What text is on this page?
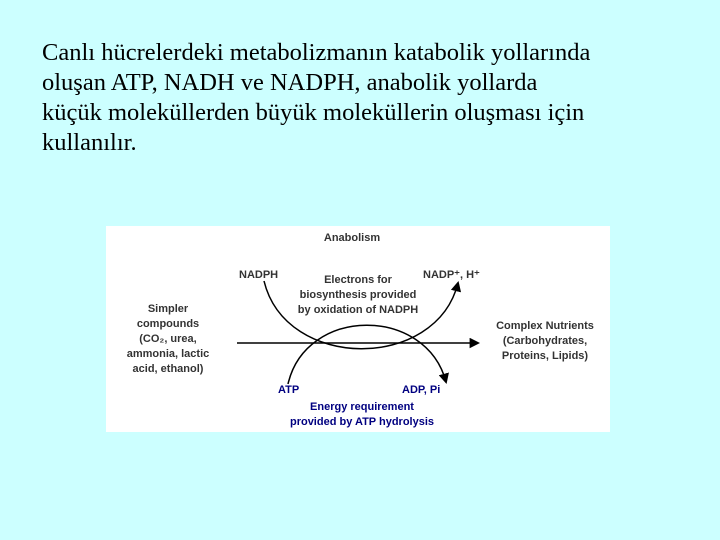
Canlı hücrelerdeki metabolizmanın katabolik yollarında
oluşan ATP, NADH ve NADPH, anabolik yollarda
küçük moleküllerden büyük moleküllerin oluşması için
kullanılır.

Anabolism
NADPH	NADP⁺, H⁺
Electrons for
biosynthesis provided
by oxidation of NADPH
Simpler
compounds
(CO₂, urea,
ammonia, lactic
acid, ethanol)
Complex Nutrients
(Carbohydrates,
Proteins, Lipids)
ATP	ADP, Pi
Energy requirement
provided by ATP hydrolysis
